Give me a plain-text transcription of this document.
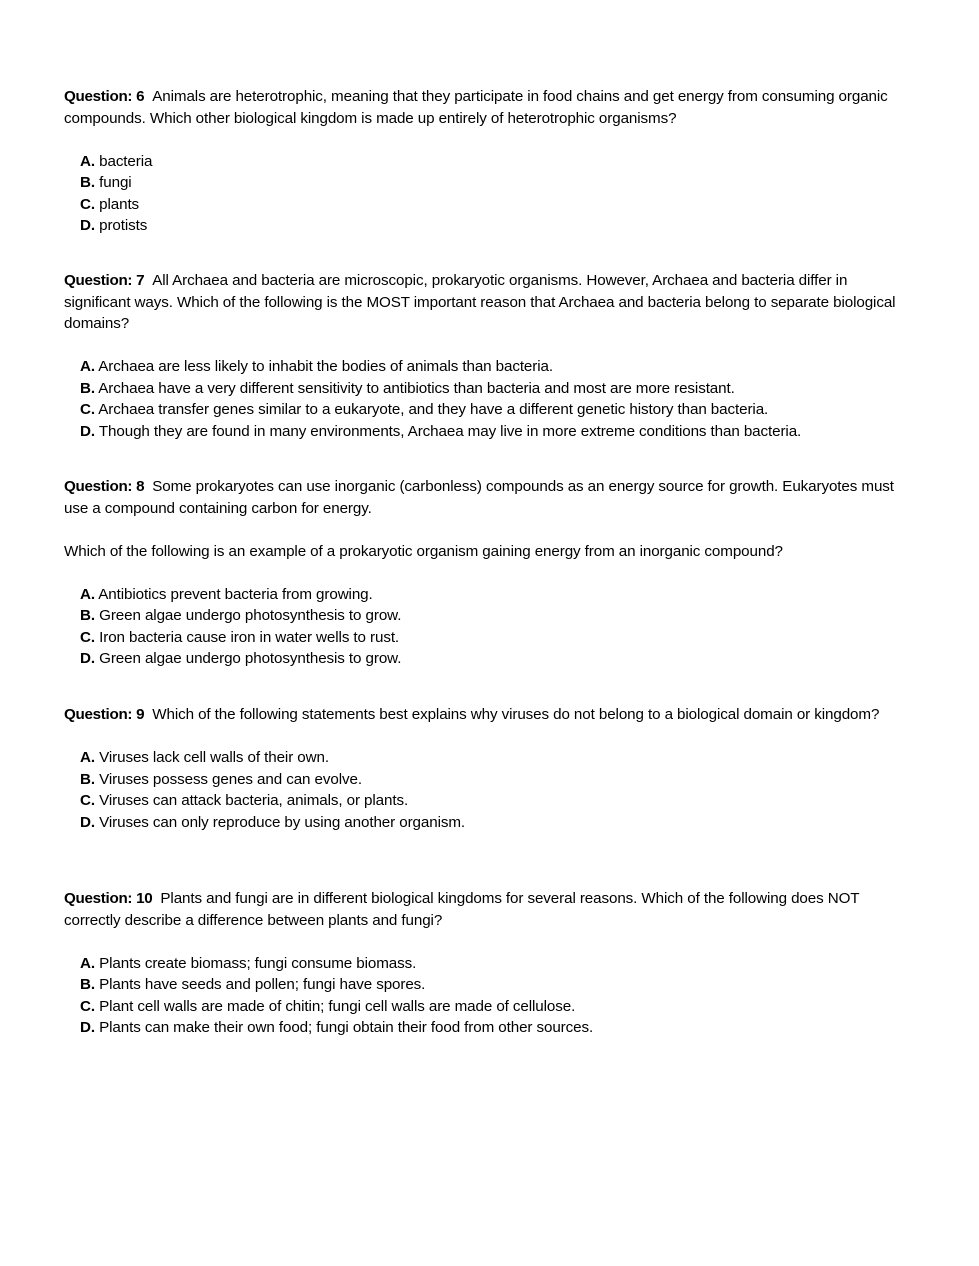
Question: 6 Animals are heterotrophic, meaning that they participate in food chains and get energy from consuming organic compounds. Which other biological kingdom is made up entirely of heterotrophic organisms?

A. bacteria
B. fungi
C. plants
D. protists

Question: 7 All Archaea and bacteria are microscopic, prokaryotic organisms. However, Archaea and bacteria differ in significant ways. Which of the following is the MOST important reason that Archaea and bacteria belong to separate biological domains?

A. Archaea are less likely to inhabit the bodies of animals than bacteria.
B. Archaea have a very different sensitivity to antibiotics than bacteria and most are more resistant.
C. Archaea transfer genes similar to a eukaryote, and they have a different genetic history than bacteria.
D. Though they are found in many environments, Archaea may live in more extreme conditions than bacteria.

Question: 8 Some prokaryotes can use inorganic (carbonless) compounds as an energy source for growth. Eukaryotes must use a compound containing carbon for energy.

Which of the following is an example of a prokaryotic organism gaining energy from an inorganic compound?

A. Antibiotics prevent bacteria from growing.
B. Green algae undergo photosynthesis to grow.
C. Iron bacteria cause iron in water wells to rust.
D. Green algae undergo photosynthesis to grow.

Question: 9 Which of the following statements best explains why viruses do not belong to a biological domain or kingdom?

A. Viruses lack cell walls of their own.
B. Viruses possess genes and can evolve.
C. Viruses can attack bacteria, animals, or plants.
D. Viruses can only reproduce by using another organism.

Question: 10 Plants and fungi are in different biological kingdoms for several reasons. Which of the following does NOT correctly describe a difference between plants and fungi?

A. Plants create biomass; fungi consume biomass.
B. Plants have seeds and pollen; fungi have spores.
C. Plant cell walls are made of chitin; fungi cell walls are made of cellulose.
D. Plants can make their own food; fungi obtain their food from other sources.
